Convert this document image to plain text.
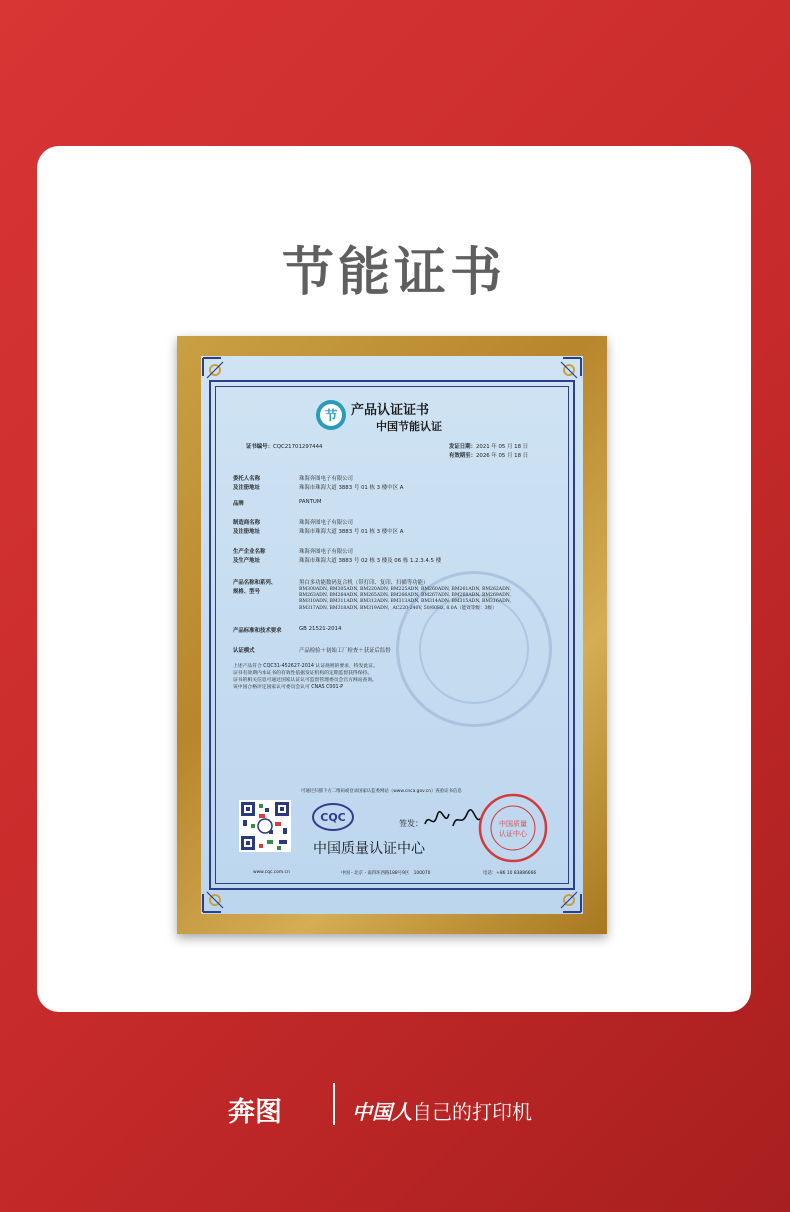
节能证书
节 产品认证证书
中国节能认证
证书编号：CQC21701297444	发证日期：2021 年 05 月 18 日
有效期至：2026 年 05 月 18 日
委托人名称	珠海奔图电子有限公司
及注册地址	珠海市珠海大道 3883 号 01 栋 3 楼中区 A
品牌	PANTUM
制造商名称	珠海奔图电子有限公司
及注册地址	珠海市珠海大道 3883 号 01 栋 3 楼中区 A
生产企业名称	珠海奔图电子有限公司
及生产地址	珠海市珠海大道 3883 号 02 栋 3 楼及 06 栋 1.2.3.4.5 楼
产品名称和系列、	黑白多功能数码复合机（带打印、复印、扫描等功能）
规格、型号	BM300ADN, BM305ADN, BM220ADN, BM225ADN, BM260ADN, BM261ADN, BM262ADN,
BM263ADN, BM264ADN, BM265ADN, BM266ADN, BM267ADN, BM268ADN, BM269ADN,
BM310ADN, BM311ADN, BM312ADN, BM313ADN, BM314ADN, BM315ADN, BM316ADN,
BM317ADN, BM318ADN, BM319ADN，AC220-240V, 50/60Hz, 8.0A（能效等级：3级）
产品标准和技术要求	GB 21521-2014
认证模式	产品检验＋初始工厂检查＋获证后监督
上述产品符合 CQC31-452627-2014 认证规则的要求，特发此证。
证书有效期内本证书的有效性依据发证机构的定期监督获得保持。
证书的相关信息可通过国家认证认可监督管理委员会官方网站查询。
该中国合格评定国家认可委员会认可 CNAS C001-P
可通过扫描下方二维码或登录国家认监委网站（www.cnca.gov.cn）查验证书信息
CQC	签发：
中国质量认证中心
中国质量
认证中心
www.cqc.com.cn	中国・北京・南四环西路188号9区　100070	电话：+86 10 83886666
奔图	中国人自己的打印机
